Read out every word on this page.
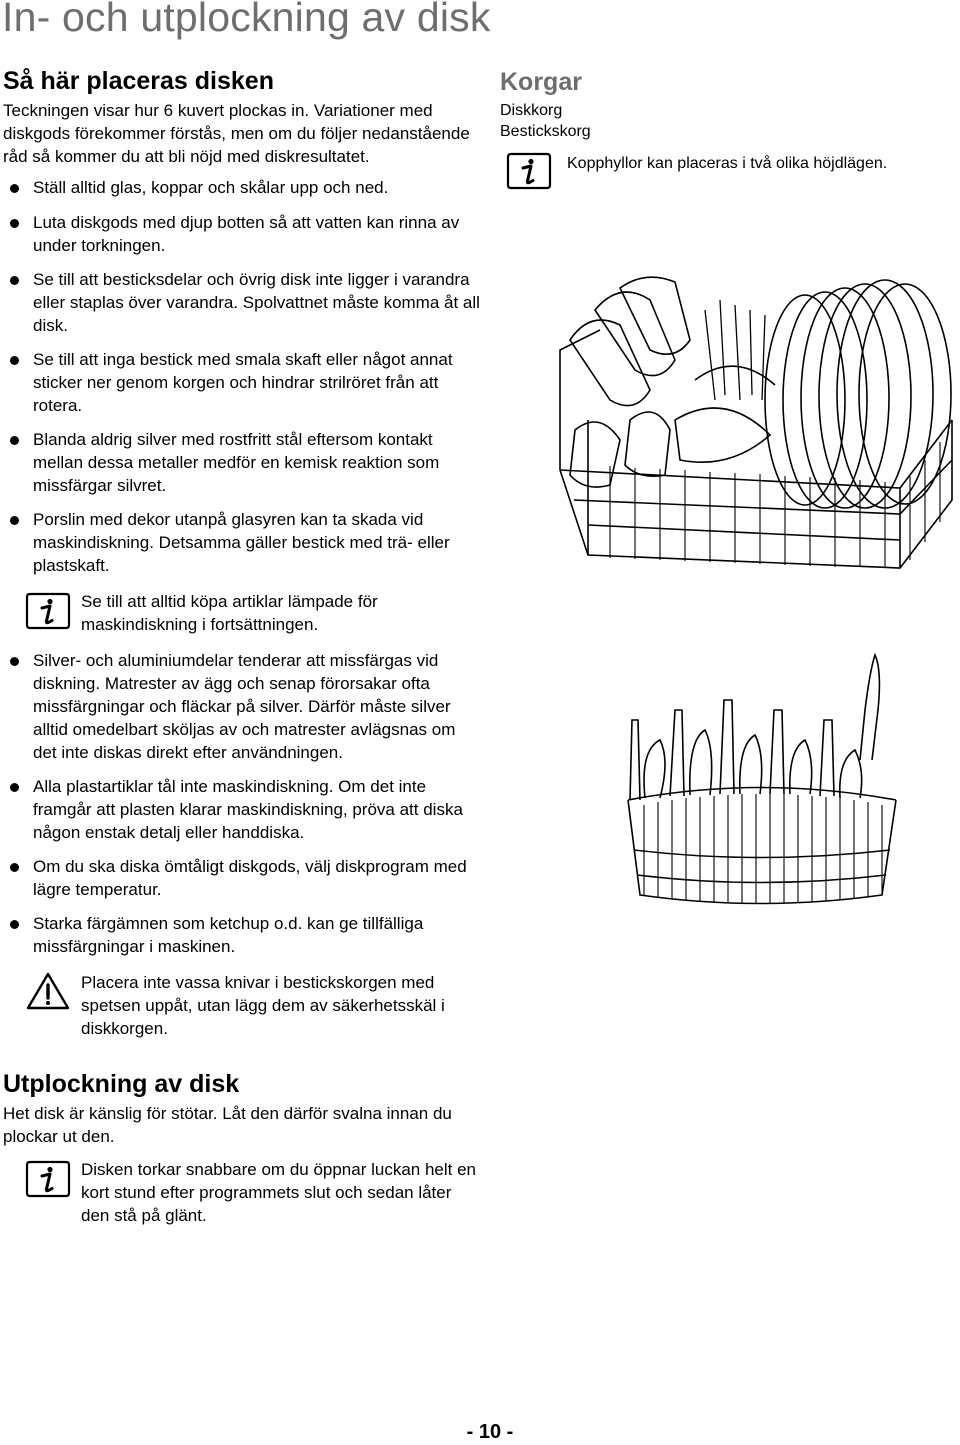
In- och utplockning av disk
Så här placeras disken

Teckningen visar hur 6 kuvert plockas in. Variationer med diskgods förekommer förstås, men om du följer nedanstående råd så kommer du att bli nöjd med diskresultatet.

Ställ alltid glas, koppar och skålar upp och ned.
Luta diskgods med djup botten så att vatten kan rinna av under torkningen.
Se till att besticksdelar och övrig disk inte ligger i varandra eller staplas över varandra. Spolvattnet måste komma åt all disk.
Se till att inga bestick med smala skaft eller något annat sticker ner genom korgen och hindrar strilröret från att rotera.
Blanda aldrig silver med rostfritt stål eftersom kontakt mellan dessa metaller medför en kemisk reaktion som missfärgar silvret.
Porslin med dekor utanpå glasyren kan ta skada vid maskindiskning. Detsamma gäller bestick med trä- eller plastskaft.
Se till att alltid köpa artiklar lämpade för maskindiskning i fortsättningen.
Silver- och aluminiumdelar tenderar att missfärgas vid diskning. Matrester av ägg och senap förorsakar ofta missfärgningar och fläckar på silver. Därför måste silver alltid omedelbart sköljas av och matrester avlägsnas om det inte diskas direkt efter användningen.
Alla plastartiklar tål inte maskindiskning. Om det inte framgår att plasten klarar maskindiskning, pröva att diska någon enstak detalj eller handdiska.
Om du ska diska ömtåligt diskgods, välj diskprogram med lägre temperatur.
Starka färgämnen som ketchup o.d. kan ge tillfälliga missfärgningar i maskinen.
Placera inte vassa knivar i bestickskorgen med spetsen uppåt, utan lägg dem av säkerhetsskäl i diskkorgen.
Utplockning av disk

Het disk är känslig för stötar. Låt den därför svalna innan du plockar ut den.

Disken torkar snabbare om du öppnar luckan helt en kort stund efter programmets slut och sedan låter den stå på glänt.
Korgar
Diskkorg
Bestickskorg
Kopphyllor kan placeras i två olika höjdlägen.
- 10 -
